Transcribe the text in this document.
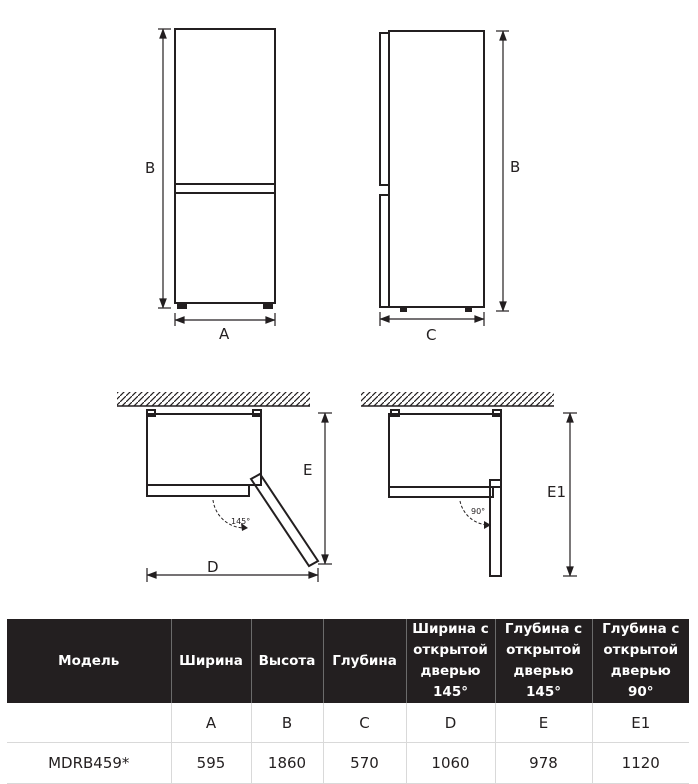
B
A
B
C
145°
E
D
90°
E1
Модель	Ширина	Высота	Глубина	Ширина с
открытой
дверью
145°	Глубина с
открытой
дверью
145°	Глубина с
открытой
дверью
90°
	A	B	C	D	E	E1
MDRB459*	595	1860	570	1060	978	1120
